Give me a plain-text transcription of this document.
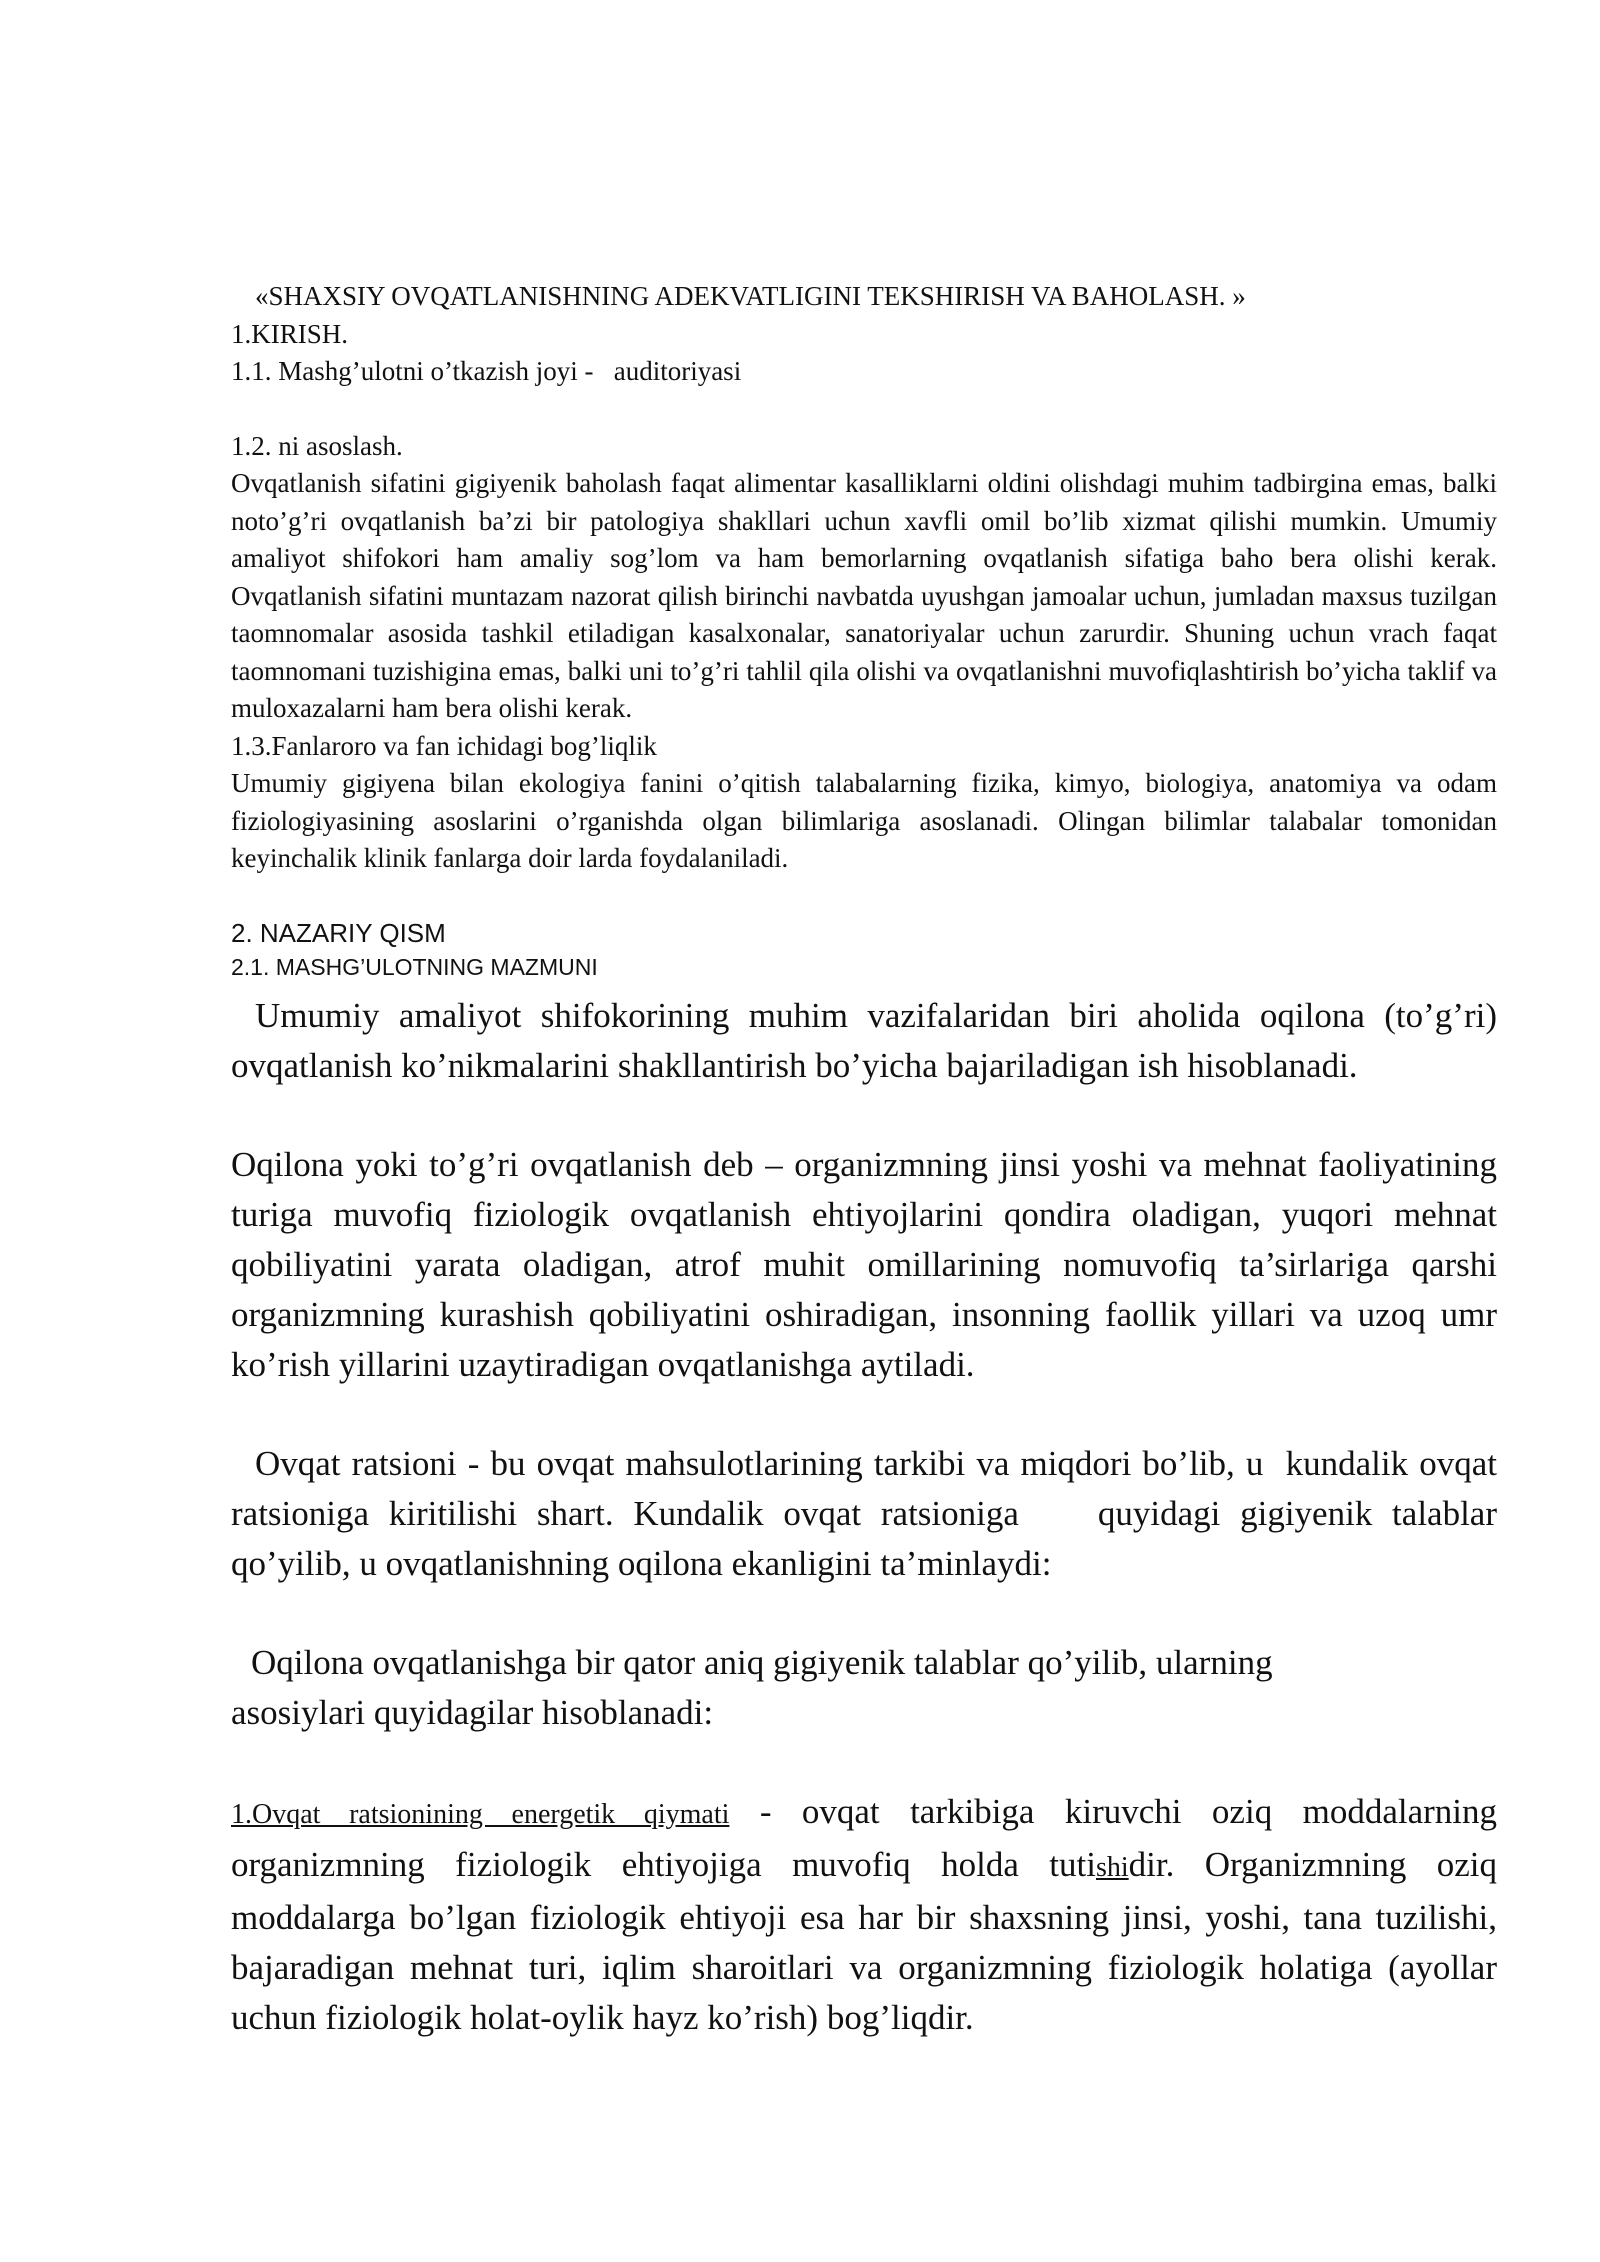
«SHAXSIY OVQATLANISHNING ADEKVATLIGINI TEKSHIRISH VA BAHOLASH. »
1.KIRISH.
1.1. Mashg’ulotni o’tkazish joyi -   auditoriyasi
1.2. ni asoslash.
Ovqatlanish sifatini gigiyenik baholash faqat alimentar kasalliklarni oldini olishdagi muhim tadbirgina emas, balki noto’g’ri ovqatlanish ba’zi bir patologiya shakllari uchun xavfli omil bo’lib xizmat qilishi mumkin. Umumiy amaliyot shifokori ham amaliy sog’lom va ham bemorlarning ovqatlanish sifatiga baho bera olishi kerak. Ovqatlanish sifatini muntazam nazorat qilish birinchi navbatda uyushgan jamoalar uchun, jumladan maxsus tuzilgan taomnomalar asosida tashkil etiladigan kasalxonalar, sanatoriyalar uchun zarurdir. Shuning uchun vrach faqat taomnomani tuzishigina emas, balki uni to’g’ri tahlil qila olishi va ovqatlanishni muvofiqlashtirish bo’yicha taklif va muloxazalarni ham bera olishi kerak.
1.3.Fanlaroro va fan ichidagi bog’liqlik
Umumiy gigiyena bilan ekologiya fanini o’qitish talabalarning fizika, kimyo, biologiya, anatomiya va odam fiziologiyasining asoslarini o’rganishda olgan bilimlariga asoslanadi. Olingan bilimlar talabalar tomonidan keyinchalik klinik fanlarga doir larda foydalaniladi.
2. NAZARIY QISM
2.1. MASHG’ULOTNING MAZMUNI
Umumiy amaliyot shifokorining muhim vazifalaridan biri aholida oqilona (to’g’ri) ovqatlanish ko’nikmalarini shakllantirish bo’yicha bajariladigan ish hisoblanadi.
Oqilona yoki to’g’ri ovqatlanish deb – organizmning jinsi yoshi va mehnat faoliyatining turiga muvofiq fiziologik ovqatlanish ehtiyojlarini qondira oladigan, yuqori mehnat qobiliyatini yarata oladigan, atrof muhit omillarining nomuvofiq ta’sirlariga qarshi organizmning kurashish qobiliyatini oshiradigan, insonning faollik yillari va uzoq umr ko’rish yillarini uzaytiradigan ovqatlanishga aytiladi.
Ovqat ratsioni - bu ovqat mahsulotlarining tarkibi va miqdori bo’lib, u  kundalik ovqat ratsioniga kiritilishi shart. Kundalik ovqat ratsioniga    quyidagi gigiyenik talablar qo’yilib, u ovqatlanishning oqilona ekanligini ta’minlaydi:
Oqilona ovqatlanishga bir qator aniq gigiyenik talablar qo’yilib, ularning asosiylari quyidagilar hisoblanadi:
1.Ovqat ratsionining energetik qiymati - ovqat tarkibiga kiruvchi oziq moddalarning organizmning fiziologik ehtiyojiga muvofiq holda tutishidir. Organizmning oziq moddalarga bo’lgan fiziologik ehtiyoji esa har bir shaxsning jinsi, yoshi, tana tuzilishi, bajaradigan mehnat turi, iqlim sharoitlari va organizmning fiziologik holatiga (ayollar uchun fiziologik holat-oylik hayz ko’rish) bog’liqdir.
